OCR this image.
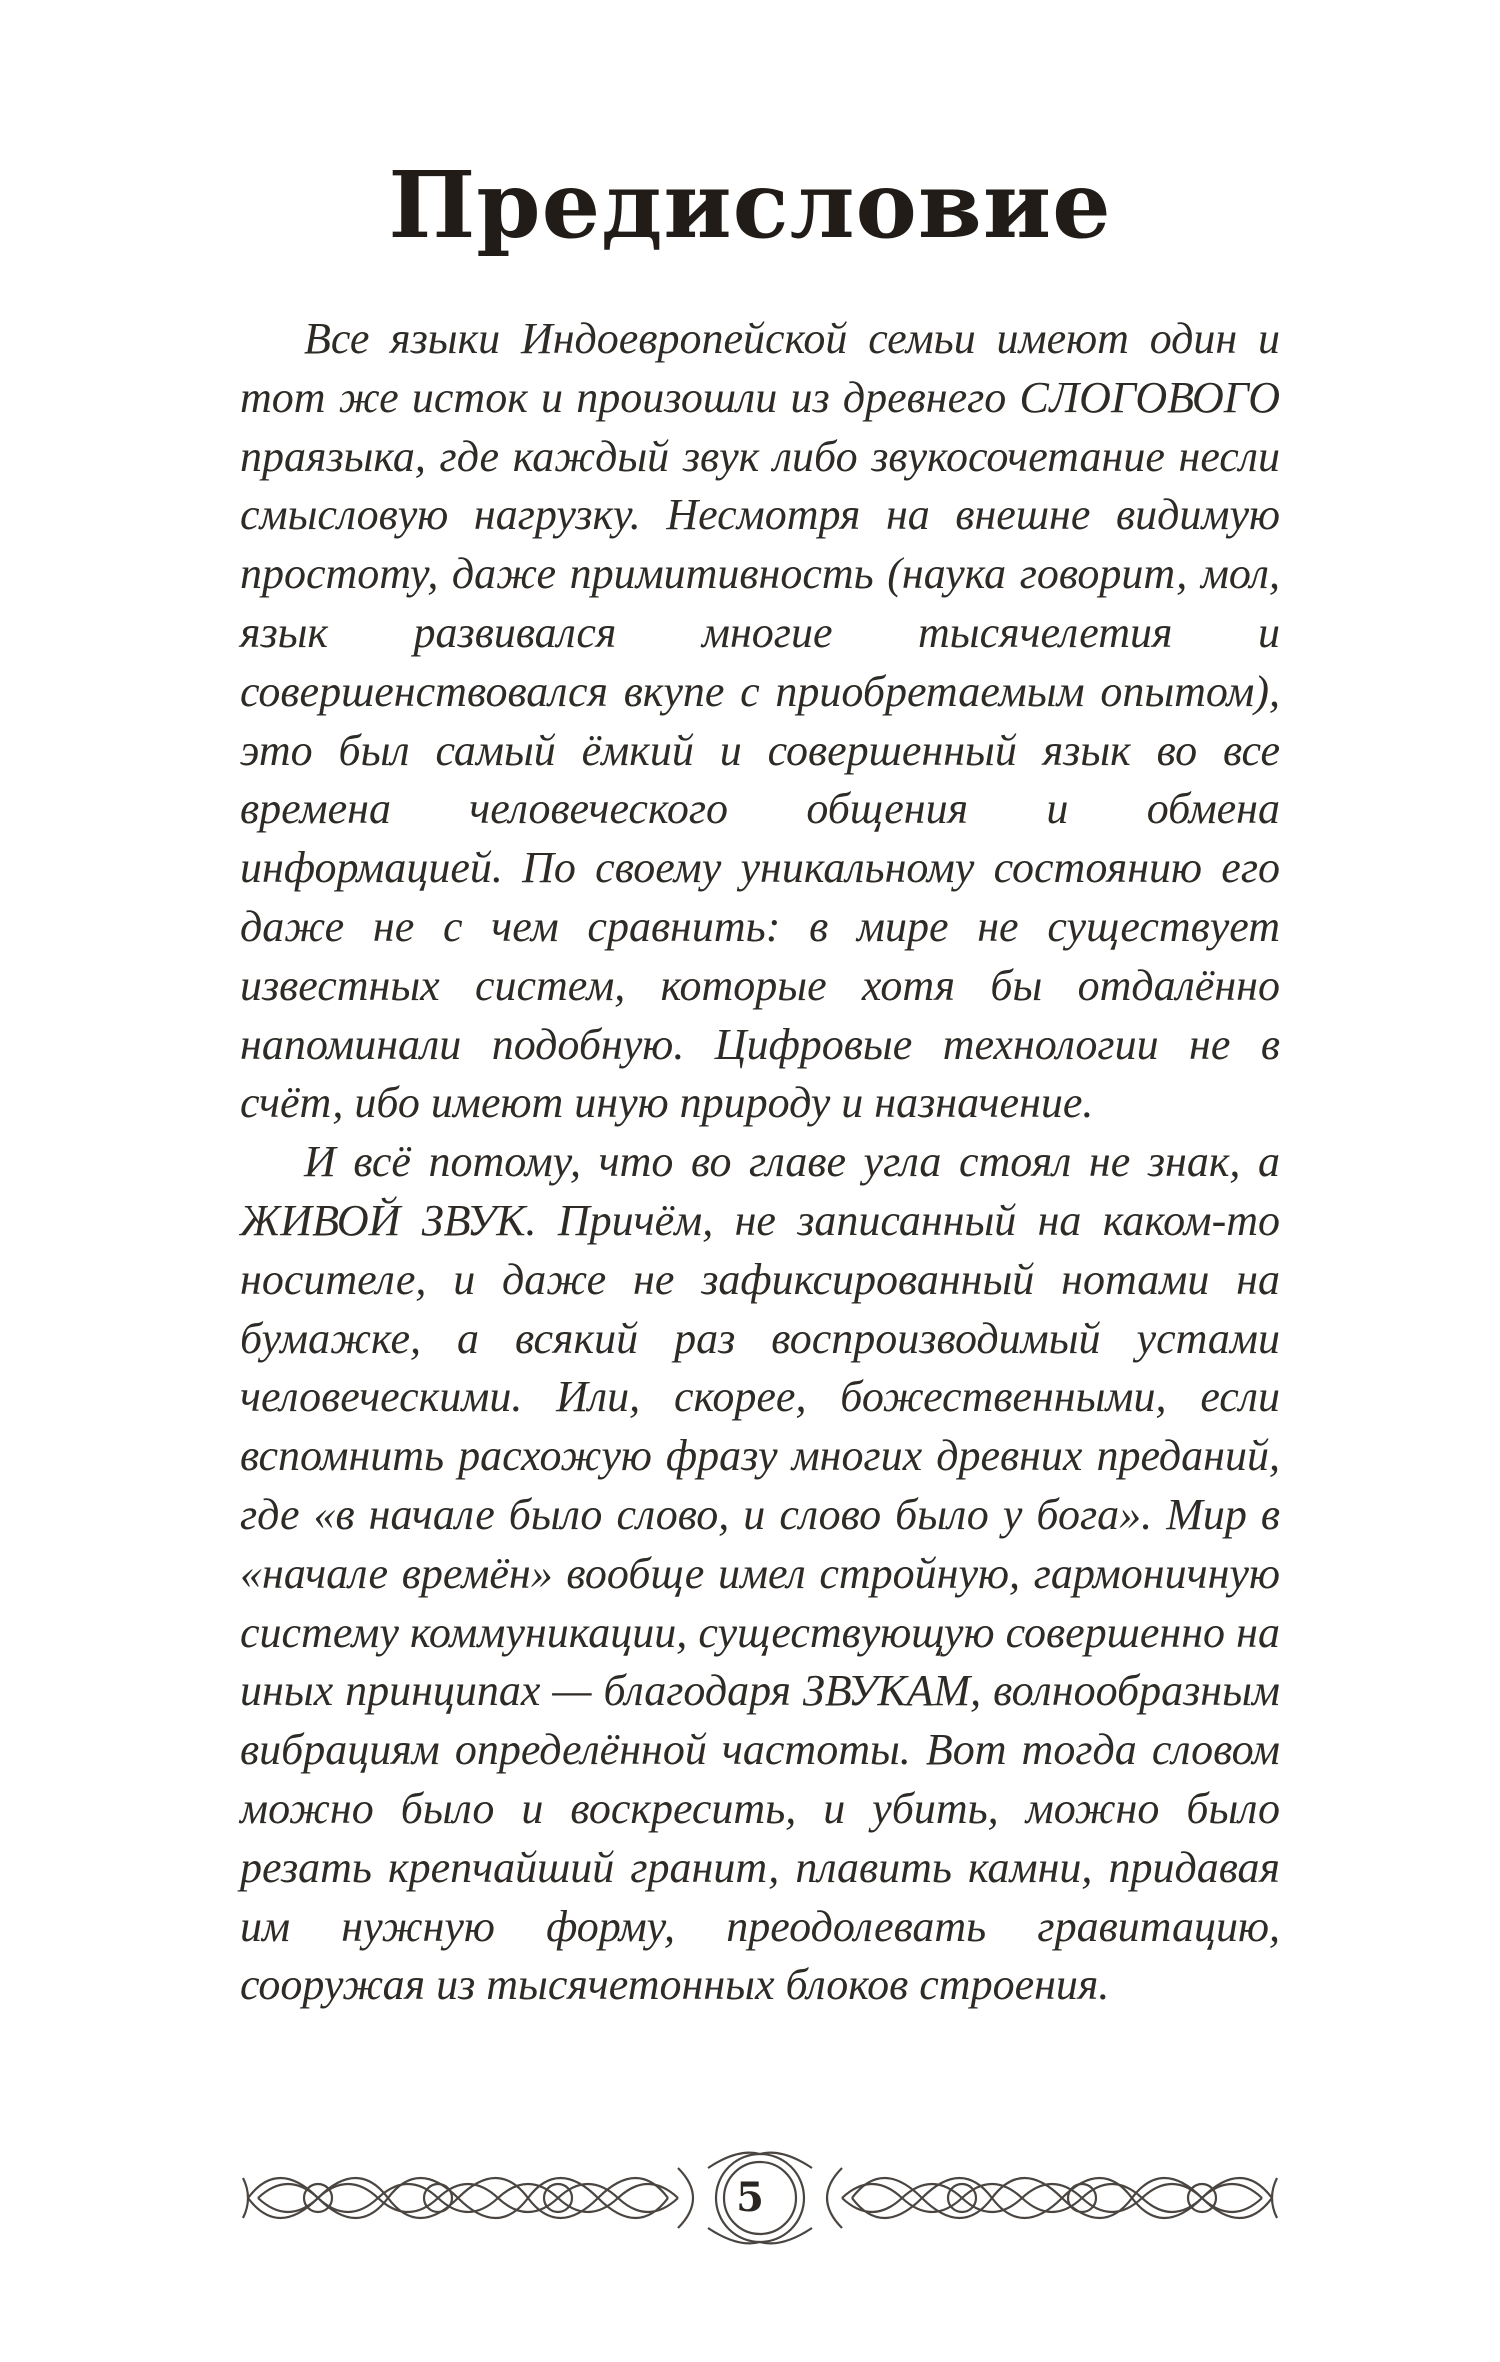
Предисловие

Все языки Индоевропейской семьи имеют один и тот же исток и произошли из древнего СЛОГОВОГО праязыка, где каждый звук либо звукосочетание несли смысловую нагрузку. Несмотря на внешне видимую простоту, даже примитивность (наука говорит, мол, язык развивался многие тысячелетия и совершенствовался вкупе с приобретаемым опытом), это был самый ёмкий и совершенный язык во все времена человеческого общения и обмена информацией. По своему уникальному состоянию его даже не с чем сравнить: в мире не существует известных систем, которые хотя бы отдалённо напоминали подобную. Цифровые технологии не в счёт, ибо имеют иную природу и назначение.

И всё потому, что во главе угла стоял не знак, а ЖИВОЙ ЗВУК. Причём, не записанный на каком-то носителе, и даже не зафиксированный нотами на бумажке, а всякий раз воспроизводимый устами человеческими. Или, скорее, божественными, если вспомнить расхожую фразу многих древних преданий, где «в начале было слово, и слово было у бога». Мир в «начале времён» вообще имел стройную, гармоничную систему коммуникации, существующую совершенно на иных принципах — благодаря ЗВУКАМ, волнообразным вибрациям определённой частоты. Вот тогда словом можно было и воскресить, и убить, можно было резать крепчайший гранит, плавить камни, придавая им нужную форму, преодолевать гравитацию, сооружая из тысячетонных блоков строения.

5
